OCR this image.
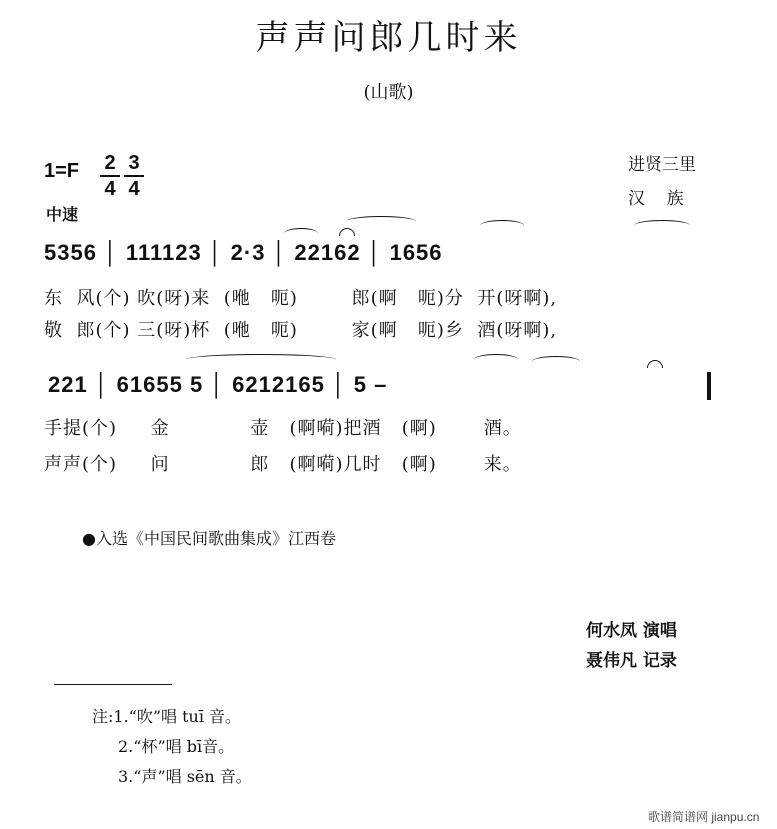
声声问郎几时来
(山歌)
进贤三里
汉    族
1=F 2
4
3
4
中速
5356 │ 111123 │ 2·3 │ 22162 │ 1656
东  风(个) 吹(呀)来  (咃   呃)        郎(啊   呃)分  开(呀啊),
敬  郎(个) 三(呀)杯  (咃   呃)        家(啊   呃)乡  酒(呀啊),
221 │ 61655 5 │ 6212165 │ 5 –
手提(个)     金            壶   (啊嗬)把酒   (啊)       酒。
声声(个)     问            郎   (啊嗬)几时   (啊)       来。
●入选《中国民间歌曲集成》江西卷
何水凤 演唱
聂伟凡 记录
注:1.“吹”唱 tuī 音。
2.“杯”唱 bī音。
3.“声”唱 sēn 音。
歌谱简谱网 jianpu.cn
